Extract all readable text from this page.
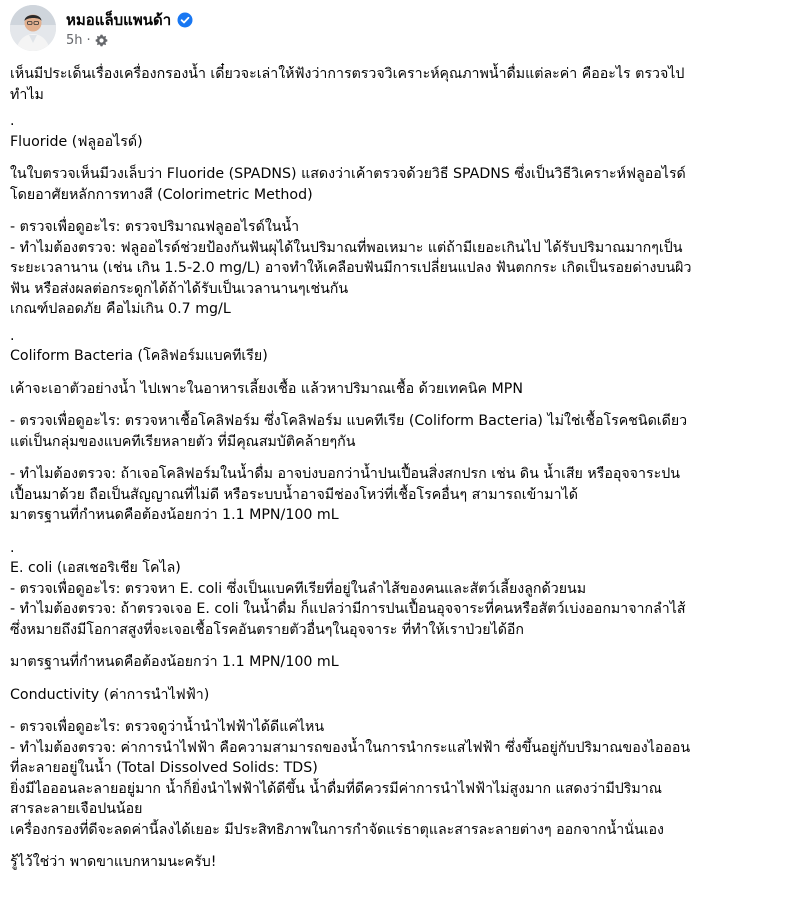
หมอแล็บแพนด้า
5h ·
เห็นมีประเด็นเรื่องเครื่องกรองน้ำ เดี๋ยวจะเล่าให้ฟังว่าการตรวจวิเคราะห์คุณภาพน้ำดื่มแต่ละค่า คืออะไร ตรวจไป
ทำไม
.
Fluoride (ฟลูออไรด์)
ในใบตรวจเห็นมีวงเล็บว่า Fluoride (SPADNS) แสดงว่าเค้าตรวจด้วยวิธี SPADNS ซึ่งเป็นวิธีวิเคราะห์ฟลูออไรด์
โดยอาศัยหลักการทางสี (Colorimetric Method)
- ตรวจเพื่อดูอะไร: ตรวจปริมาณฟลูออไรด์ในน้ำ
- ทำไมต้องตรวจ: ฟลูออไรด์ช่วยป้องกันฟันผุได้ในปริมาณที่พอเหมาะ แต่ถ้ามีเยอะเกินไป ได้รับปริมาณมากๆเป็น
ระยะเวลานาน (เช่น เกิน 1.5-2.0 mg/L) อาจทำให้เคลือบฟันมีการเปลี่ยนแปลง ฟันตกกระ เกิดเป็นรอยด่างบนผิว
ฟัน หรือส่งผลต่อกระดูกได้ถ้าได้รับเป็นเวลานานๆเช่นกัน
เกณฑ์ปลอดภัย คือไม่เกิน 0.7 mg/L
.
Coliform Bacteria (โคลิฟอร์มแบคทีเรีย)
เค้าจะเอาตัวอย่างน้ำ ไปเพาะในอาหารเลี้ยงเชื้อ แล้วหาปริมาณเชื้อ ด้วยเทคนิค MPN
- ตรวจเพื่อดูอะไร: ตรวจหาเชื้อโคลิฟอร์ม ซึ่งโคลิฟอร์ม แบคทีเรีย (Coliform Bacteria) ไม่ใช่เชื้อโรคชนิดเดียว
แต่เป็นกลุ่มของแบคทีเรียหลายตัว ที่มีคุณสมบัติคล้ายๆกัน
- ทำไมต้องตรวจ: ถ้าเจอโคลิฟอร์มในน้ำดื่ม อาจบ่งบอกว่าน้ำปนเปื้อนสิ่งสกปรก เช่น ดิน น้ำเสีย หรืออุจจาระปน
เปื้อนมาด้วย ถือเป็นสัญญาณที่ไม่ดี หรือระบบน้ำอาจมีช่องโหว่ที่เชื้อโรคอื่นๆ สามารถเข้ามาได้
มาตรฐานที่กำหนดคือต้องน้อยกว่า 1.1 MPN/100 mL
.
E. coli (เอสเชอริเชีย โคไล)
- ตรวจเพื่อดูอะไร: ตรวจหา E. coli ซึ่งเป็นแบคทีเรียที่อยู่ในลำไส้ของคนและสัตว์เลี้ยงลูกด้วยนม
- ทำไมต้องตรวจ: ถ้าตรวจเจอ E. coli ในน้ำดื่ม ก็แปลว่ามีการปนเปื้อนอุจจาระที่คนหรือสัตว์เบ่งออกมาจากลำไส้
ซึ่งหมายถึงมีโอกาสสูงที่จะเจอเชื้อโรคอันตรายตัวอื่นๆในอุจจาระ ที่ทำให้เราป่วยได้อีก
มาตรฐานที่กำหนดคือต้องน้อยกว่า 1.1 MPN/100 mL
Conductivity (ค่าการนำไฟฟ้า)
- ตรวจเพื่อดูอะไร: ตรวจดูว่าน้ำนำไฟฟ้าได้ดีแค่ไหน
- ทำไมต้องตรวจ: ค่าการนำไฟฟ้า คือความสามารถของน้ำในการนำกระแสไฟฟ้า ซึ่งขึ้นอยู่กับปริมาณของไอออน
ที่ละลายอยู่ในน้ำ (Total Dissolved Solids: TDS)
ยิ่งมีไอออนละลายอยู่มาก น้ำก็ยิ่งนำไฟฟ้าได้ดีขึ้น น้ำดื่มที่ดีควรมีค่าการนำไฟฟ้าไม่สูงมาก แสดงว่ามีปริมาณ
สารละลายเจือปนน้อย
เครื่องกรองที่ดีจะลดค่านี้ลงได้เยอะ มีประสิทธิภาพในการกำจัดแร่ธาตุและสารละลายต่างๆ ออกจากน้ำนั่นเอง
รู้ไว้ใช่ว่า พาดขาแบกหามนะครับ!
